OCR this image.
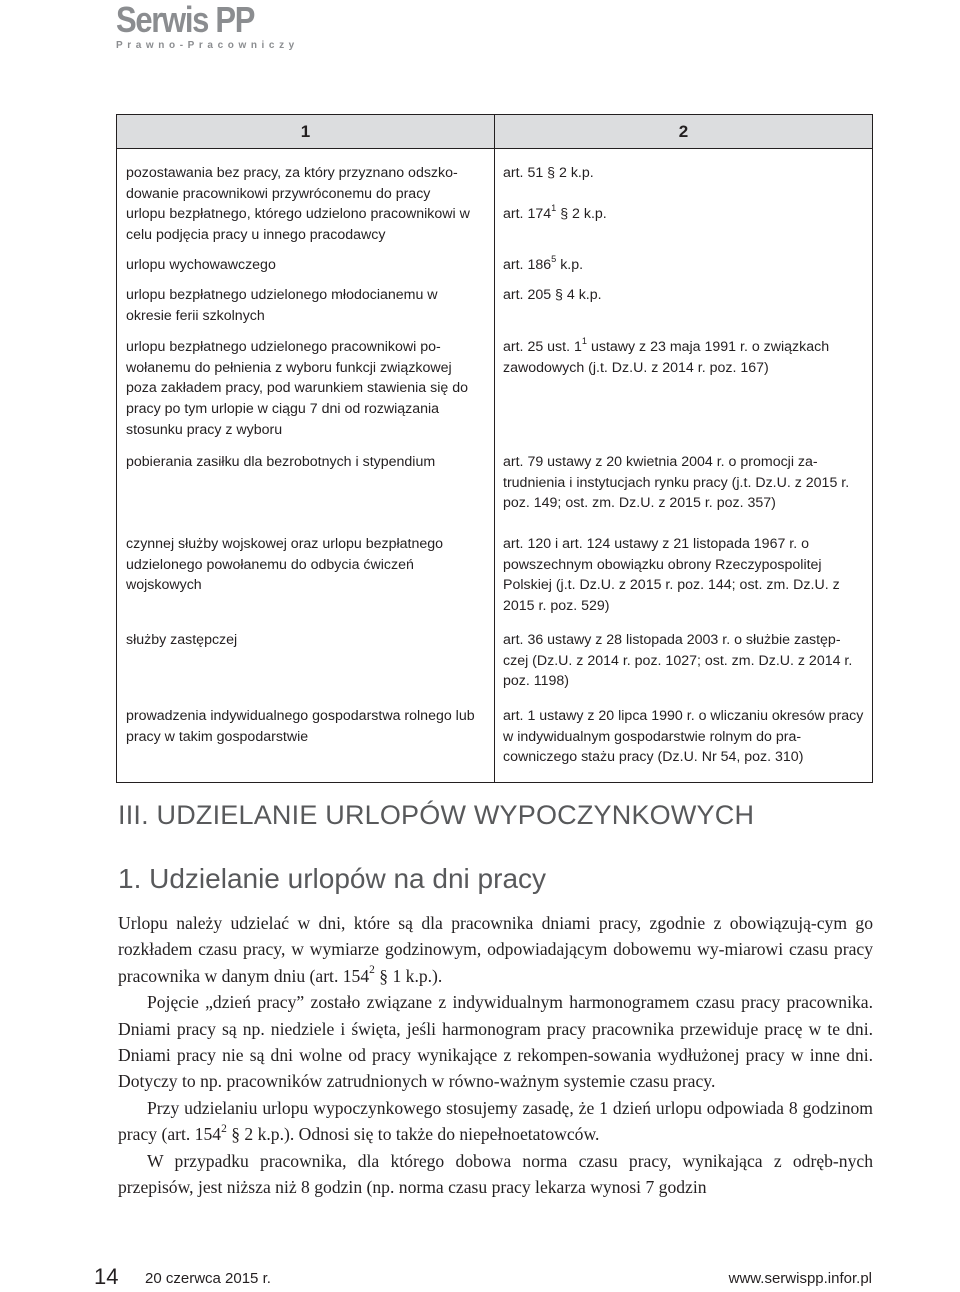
Serwis PP
Prawno-Pracowniczy
1	2
pozostawania bez pracy, za który przyznano odszko-dowanie pracownikowi przywróconemu do pracy	art. 51 § 2 k.p.
urlopu bezpłatnego, którego udzielono pracownikowi w celu podjęcia pracy u innego pracodawcy	art. $174^1$ § 2 k.p.
urlopu wychowawczego	art. $186^5$ k.p.
urlopu bezpłatnego udzielonego młodocianemu w okresie ferii szkolnych	art. 205 § 4 k.p.
urlopu bezpłatnego udzielonego pracownikowi po-wołanemu do pełnienia z wyboru funkcji związkowej poza zakładem pracy, pod warunkiem stawienia się do pracy po tym urlopie w ciągu 7 dni od rozwiązania stosunku pracy z wyboru	art. 25 ust. $1^1$ ustawy z 23 maja 1991 r. o związkach zawodowych (j.t. Dz.U. z 2014 r. poz. 167)
pobierania zasiłku dla bezrobotnych i stypendium	art. 79 ustawy z 20 kwietnia 2004 r. o promocji za-trudnienia i instytucjach rynku pracy (j.t. Dz.U. z 2015 r. poz. 149; ost. zm. Dz.U. z 2015 r. poz. 357)
czynnej służby wojskowej oraz urlopu bezpłatnego udzielonego powołanemu do odbycia ćwiczeń wojskowych	art. 120 i art. 124 ustawy z 21 listopada 1967 r. o powszechnym obowiązku obrony Rzeczypospolitej Polskiej (j.t. Dz.U. z 2015 r. poz. 144; ost. zm. Dz.U. z 2015 r. poz. 529)
służby zastępczej	art. 36 ustawy z 28 listopada 2003 r. o służbie zastęp-czej (Dz.U. z 2014 r. poz. 1027; ost. zm. Dz.U. z 2014 r. poz. 1198)
prowadzenia indywidualnego gospodarstwa rolnego lub pracy w takim gospodarstwie	art. 1 ustawy z 20 lipca 1990 r. o wliczaniu okresów pracy w indywidualnym gospodarstwie rolnym do pra-cowniczego stażu pracy (Dz.U. Nr 54, poz. 310)
III. UDZIELANIE URLOPÓW WYPOCZYNKOWYCH
1. Udzielanie urlopów na dni pracy

Urlopu należy udzielać w dni, które są dla pracownika dniami pracy, zgodnie z obowiązują-cym go rozkładem czasu pracy, w wymiarze godzinowym, odpowiadającym dobowemu wy-miarowi czasu pracy pracownika w danym dniu (art. $154^2$ § 1 k.p.).

Pojęcie „dzień pracy” zostało związane z indywidualnym harmonogramem czasu pracy pracownika. Dniami pracy są np. niedziele i święta, jeśli harmonogram pracy pracownika przewiduje pracę w te dni. Dniami pracy nie są dni wolne od pracy wynikające z rekompen-sowania wydłużonej pracy w inne dni. Dotyczy to np. pracowników zatrudnionych w równo-ważnym systemie czasu pracy.

Przy udzielaniu urlopu wypoczynkowego stosujemy zasadę, że 1 dzień urlopu odpowiada 8 godzinom pracy (art. $154^2$ § 2 k.p.). Odnosi się to także do niepełnoetatowców.

W przypadku pracownika, dla którego dobowa norma czasu pracy, wynikająca z odręb-nych przepisów, jest niższa niż 8 godzin (np. norma czasu pracy lekarza wynosi 7 godzin

14 20 czerwca 2015 r.	www.serwispp.infor.pl
